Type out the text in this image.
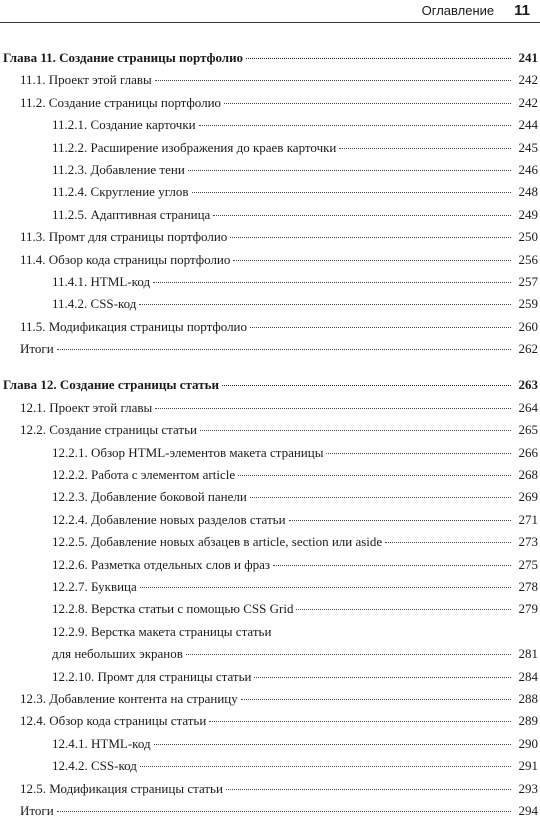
Оглавление 11
Глава 11. Создание страницы портфолио	241
11.1. Проект этой главы	242
11.2. Создание страницы портфолио	242
11.2.1. Создание карточки	244
11.2.2. Расширение изображения до краев карточки	245
11.2.3. Добавление тени	246
11.2.4. Скругление углов	248
11.2.5. Адаптивная страница	249
11.3. Промт для страницы портфолио	250
11.4. Обзор кода страницы портфолио	256
11.4.1. HTML-код	257
11.4.2. CSS-код	259
11.5. Модификация страницы портфолио	260
Итоги	262
Глава 12. Создание страницы статьи	263
12.1. Проект этой главы	264
12.2. Создание страницы статьи	265
12.2.1. Обзор HTML-элементов макета страницы	266
12.2.2. Работа с элементом article	268
12.2.3. Добавление боковой панели	269
12.2.4. Добавление новых разделов статьи	271
12.2.5. Добавление новых абзацев в article, section или aside	273
12.2.6. Разметка отдельных слов и фраз	275
12.2.7. Буквица	278
12.2.8. Верстка статьи с помощью CSS Grid	279
12.2.9. Верстка макета страницы статьи
для небольших экранов	281
12.2.10. Промт для страницы статьи	284
12.3. Добавление контента на страницу	288
12.4. Обзор кода страницы статьи	289
12.4.1. HTML-код	290
12.4.2. CSS-код	291
12.5. Модификация страницы статьи	293
Итоги	294
